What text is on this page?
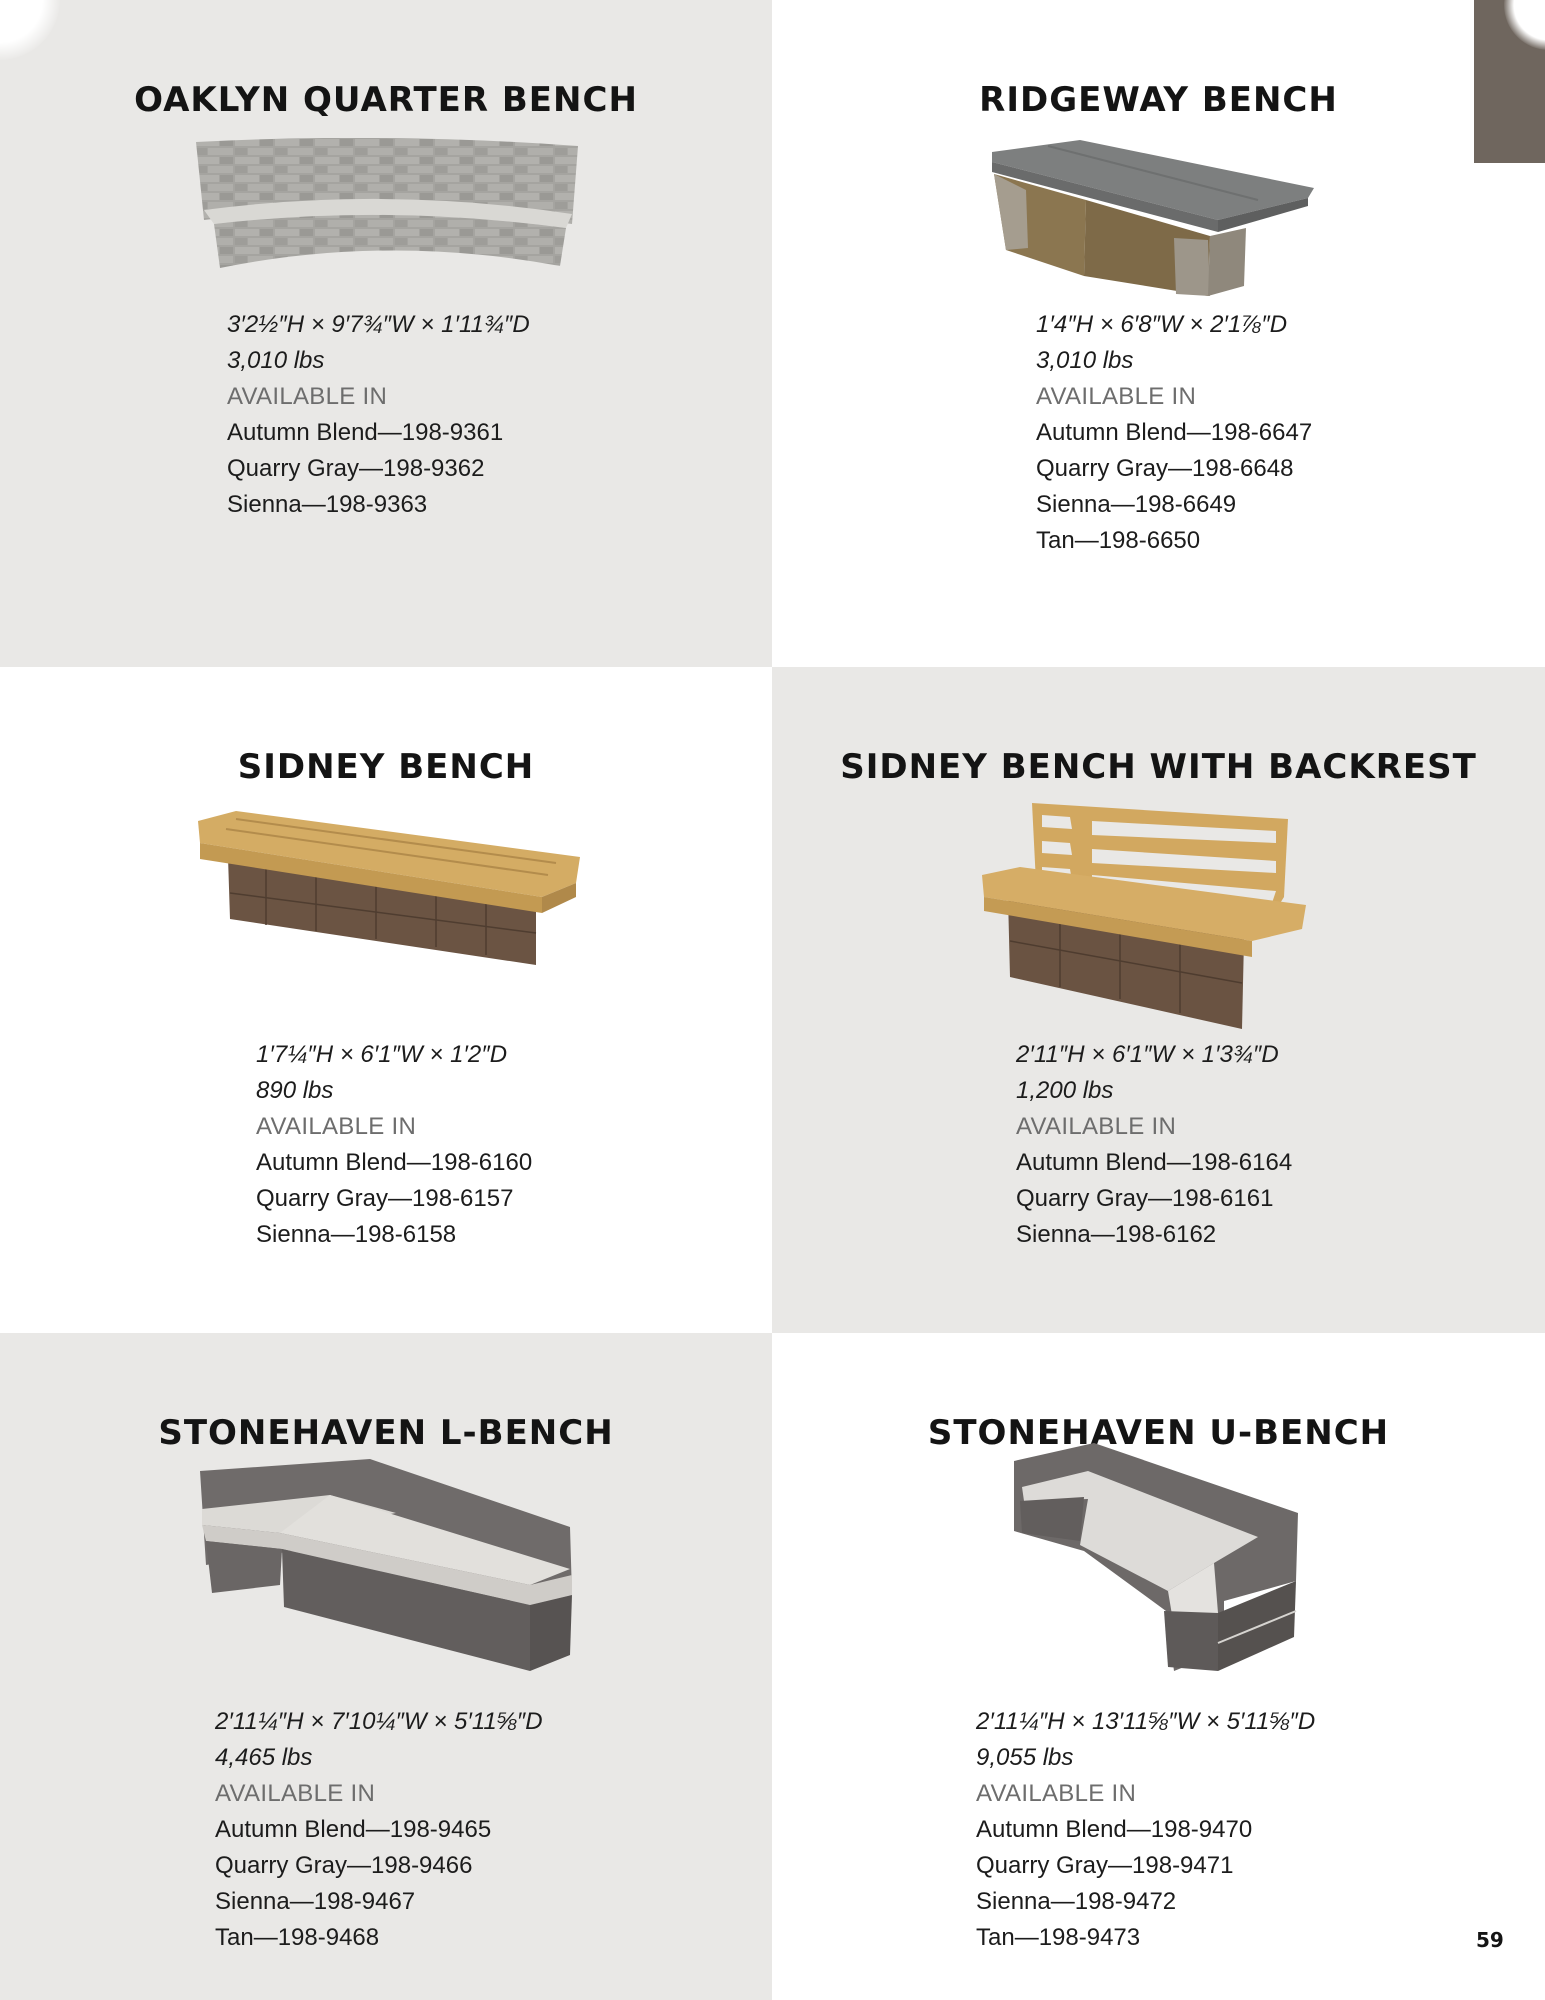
OAKLYN QUARTER BENCH
3′2½″H × 9′7¾″W × 1′11¾″D
3,010 lbs
AVAILABLE IN
Autumn Blend—198-9361
Quarry Gray—198-9362
Sienna—198-9363
RIDGEWAY BENCH
1′4″H × 6′8″W × 2′1⅞″D
3,010 lbs
AVAILABLE IN
Autumn Blend—198-6647
Quarry Gray—198-6648
Sienna—198-6649
Tan—198-6650
SIDNEY BENCH
1′7¼″H × 6′1″W × 1′2″D
890 lbs
AVAILABLE IN
Autumn Blend—198-6160
Quarry Gray—198-6157
Sienna—198-6158
SIDNEY BENCH WITH BACKREST
2′11″H × 6′1″W × 1′3¾″D
1,200 lbs
AVAILABLE IN
Autumn Blend—198-6164
Quarry Gray—198-6161
Sienna—198-6162
STONEHAVEN L-BENCH
2′11¼″H × 7′10¼″W × 5′11⅝″D
4,465 lbs
AVAILABLE IN
Autumn Blend—198-9465
Quarry Gray—198-9466
Sienna—198-9467
Tan—198-9468
STONEHAVEN U-BENCH
2′11¼″H × 13′11⅝″W × 5′11⅝″D
9,055 lbs
AVAILABLE IN
Autumn Blend—198-9470
Quarry Gray—198-9471
Sienna—198-9472
Tan—198-9473	59
